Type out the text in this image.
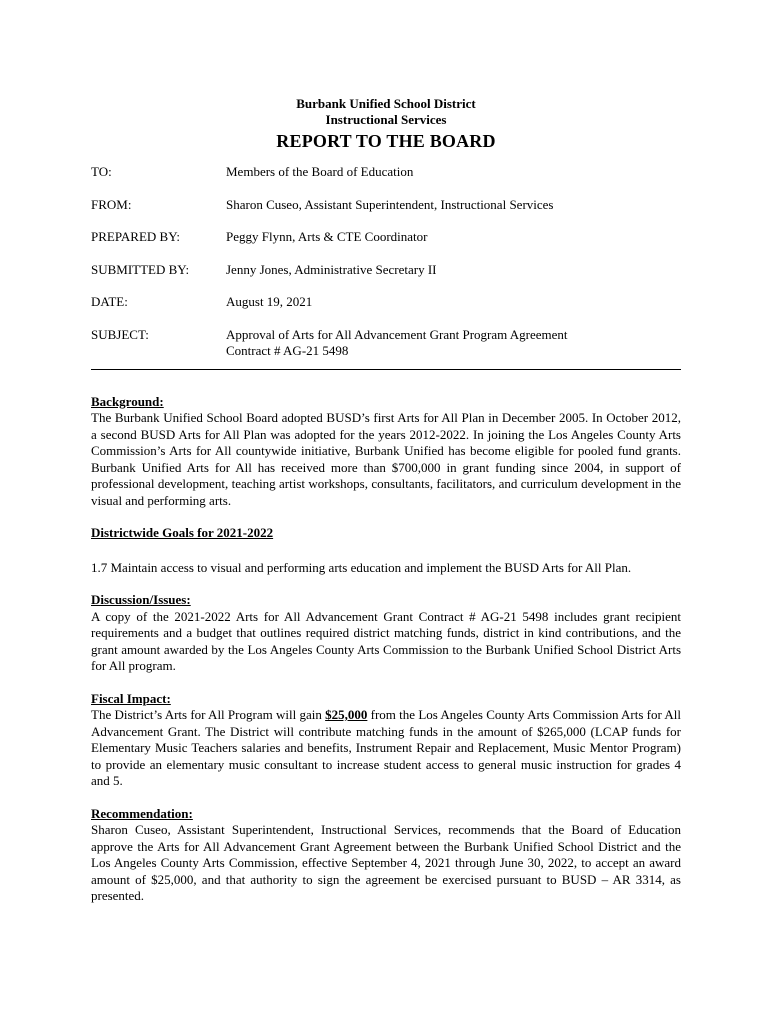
Burbank Unified School District
Instructional Services
REPORT TO THE BOARD
TO:	Members of the Board of Education
FROM:	Sharon Cuseo, Assistant Superintendent, Instructional Services
PREPARED BY:	Peggy Flynn, Arts & CTE Coordinator
SUBMITTED BY:	Jenny Jones, Administrative Secretary II
DATE:	August 19, 2021
SUBJECT:	Approval of Arts for All Advancement Grant Program Agreement
Contract # AG-21 5498
Background:
The Burbank Unified School Board adopted BUSD’s first Arts for All Plan in December 2005. In October 2012, a second BUSD Arts for All Plan was adopted for the years 2012-2022. In joining the Los Angeles County Arts Commission’s Arts for All countywide initiative, Burbank Unified has become eligible for pooled fund grants. Burbank Unified Arts for All has received more than $700,000 in grant funding since 2004, in support of professional development, teaching artist workshops, consultants, facilitators, and curriculum development in the visual and performing arts.
Districtwide Goals for 2021-2022
1.7 Maintain access to visual and performing arts education and implement the BUSD Arts for All Plan.
Discussion/Issues:
A copy of the 2021-2022 Arts for All Advancement Grant Contract # AG-21 5498 includes grant recipient requirements and a budget that outlines required district matching funds, district in kind contributions, and the grant amount awarded by the Los Angeles County Arts Commission to the Burbank Unified School District Arts for All program.
Fiscal Impact:
The District’s Arts for All Program will gain $25,000 from the Los Angeles County Arts Commission Arts for All Advancement Grant. The District will contribute matching funds in the amount of $265,000 (LCAP funds for Elementary Music Teachers salaries and benefits, Instrument Repair and Replacement, Music Mentor Program) to provide an elementary music consultant to increase student access to general music instruction for grades 4 and 5.
Recommendation:
Sharon Cuseo, Assistant Superintendent, Instructional Services, recommends that the Board of Education approve the Arts for All Advancement Grant Agreement between the Burbank Unified School District and the Los Angeles County Arts Commission, effective September 4, 2021 through June 30, 2022, to accept an award amount of $25,000, and that authority to sign the agreement be exercised pursuant to BUSD – AR 3314, as presented.
